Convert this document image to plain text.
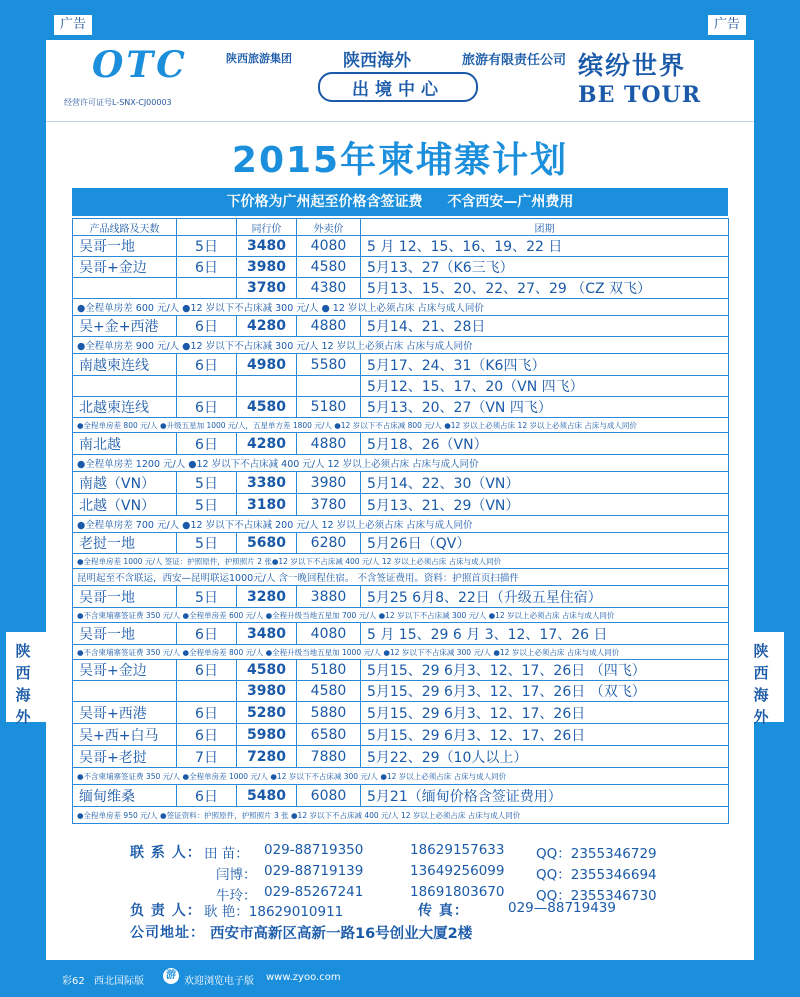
广告	广告
OTC
经营许可证号L-SNX-CJ00003
陕西旅游集团	陕西海外	旅游有限责任公司
出境中心
缤纷世界
BE TOUR
2015年柬埔寨计划
下价格为广州起至价格含签证费 不含西安—广州费用
产品线路及天数		同行价	外卖价	团期
吴哥一地	5日	3480	4080	5 月 12、15、16、19、22 日
吴哥+金边	6日	3980	4580	5月13、27（K6三飞）
		3780	4380	5月13、15、20、22、27、29 （CZ 双飞）
●全程单房差 600 元/人 ●12 岁以下不占床减 300 元/人 ● 12 岁以上必须占床 占床与成人同价				
吴+金+西港	6日	4280	4880	5月14、21、28日
●全程单房差 900 元/人 ●12 岁以下不占床减 300 元/人 12 岁以上必须占床 占床与成人同价				
南越柬连线	6日	4980	5580	5月17、24、31（K6四飞）
				5月12、15、17、20（VN 四飞）
北越柬连线	6日	4580	5180	5月13、20、27（VN 四飞）
●全程单房差 800 元/人 ●升级五星加 1000 元/人，五星单方差 1800 元/人 ●12 岁以下不占床减 800 元/人 ●12 岁以上必须占床 12 岁以上必须占床 占床与成人同价				
南北越	6日	4280	4880	5月18、26（VN）
●全程单房差 1200 元/人 ●12 岁以下不占床减 400 元/人 12 岁以上必须占床 占床与成人同价				
南越（VN）	5日	3380	3980	5月14、22、30（VN）
北越（VN）	5日	3180	3780	5月13、21、29（VN）
●全程单房差 700 元/人 ●12 岁以下不占床减 200 元/人 12 岁以上必须占床 占床与成人同价				
老挝一地	5日	5680	6280	5月26日（QV）
●全程单房差 1000 元/人 签证：护照原件，护照照片 2 张●12 岁以下不占床减 400 元/人 12 岁以上必须占床 占床与成人同价				
昆明起至不含联运，西安—昆明联运1000元/人 含一晚回程住宿。 不含签证费用。资料：护照首页扫描件				
吴哥一地	5日	3280	3880	5月25 6月8、22日（升级五星住宿）
●不含柬埔寨签证费 350 元/人 ●全程单房差 600 元/人 ●全程升级当地五星加 700 元/人 ●12 岁以下不占床减 300 元/人 ●12 岁以上必须占床 占床与成人同价				
吴哥一地	6日	3480	4080	5 月 15、29 6 月 3、12、17、26 日
●不含柬埔寨签证费 350 元/人 ●全程单房差 800 元/人 ●全程升级当地五星加 1000 元/人 ●12 岁以下不占床减 300 元/人 ●12 岁以上必须占床 占床与成人同价				
吴哥+金边	6日	4580	5180	5月15、29 6月3、12、17、26日 （四飞）
		3980	4580	5月15、29 6月3、12、17、26日 （双飞）
吴哥+西港	6日	5280	5880	5月15、29 6月3、12、17、26日
吴+西+白马	6日	5980	6580	5月15、29 6月3、12、17、26日
吴哥+老挝	7日	7280	7880	5月22、29（10人以上）
●不含柬埔寨签证费 350 元/人 ●全程单房差 1000 元/人 ●12 岁以下不占床减 300 元/人 ●12 岁以上必须占床 占床与成人同价				
缅甸维桑	6日	5480	6080	5月21（缅甸价格含签证费用）
●全程单房差 950 元/人 ●签证资料：护照原件，护照照片 3 张 ●12 岁以下不占床减 400 元/人 12 岁以上必须占床 占床与成人同价				
陕
西
海
外
陕
西
海
外
联 系 人： 田 苗： 029-88719350	18629157633 QQ：2355346729
闫博： 029-88719139	13649256099 QQ：2355346694
牛玲： 029-85267241	18691803670 QQ：2355346730
负 责 人： 耿 艳：18629010911	传 真：	029—88719439
公司地址： 西安市高新区高新一路16号创业大厦2楼
彩62 西北国际版
游
欢迎浏览电子版 www.zyoo.com
